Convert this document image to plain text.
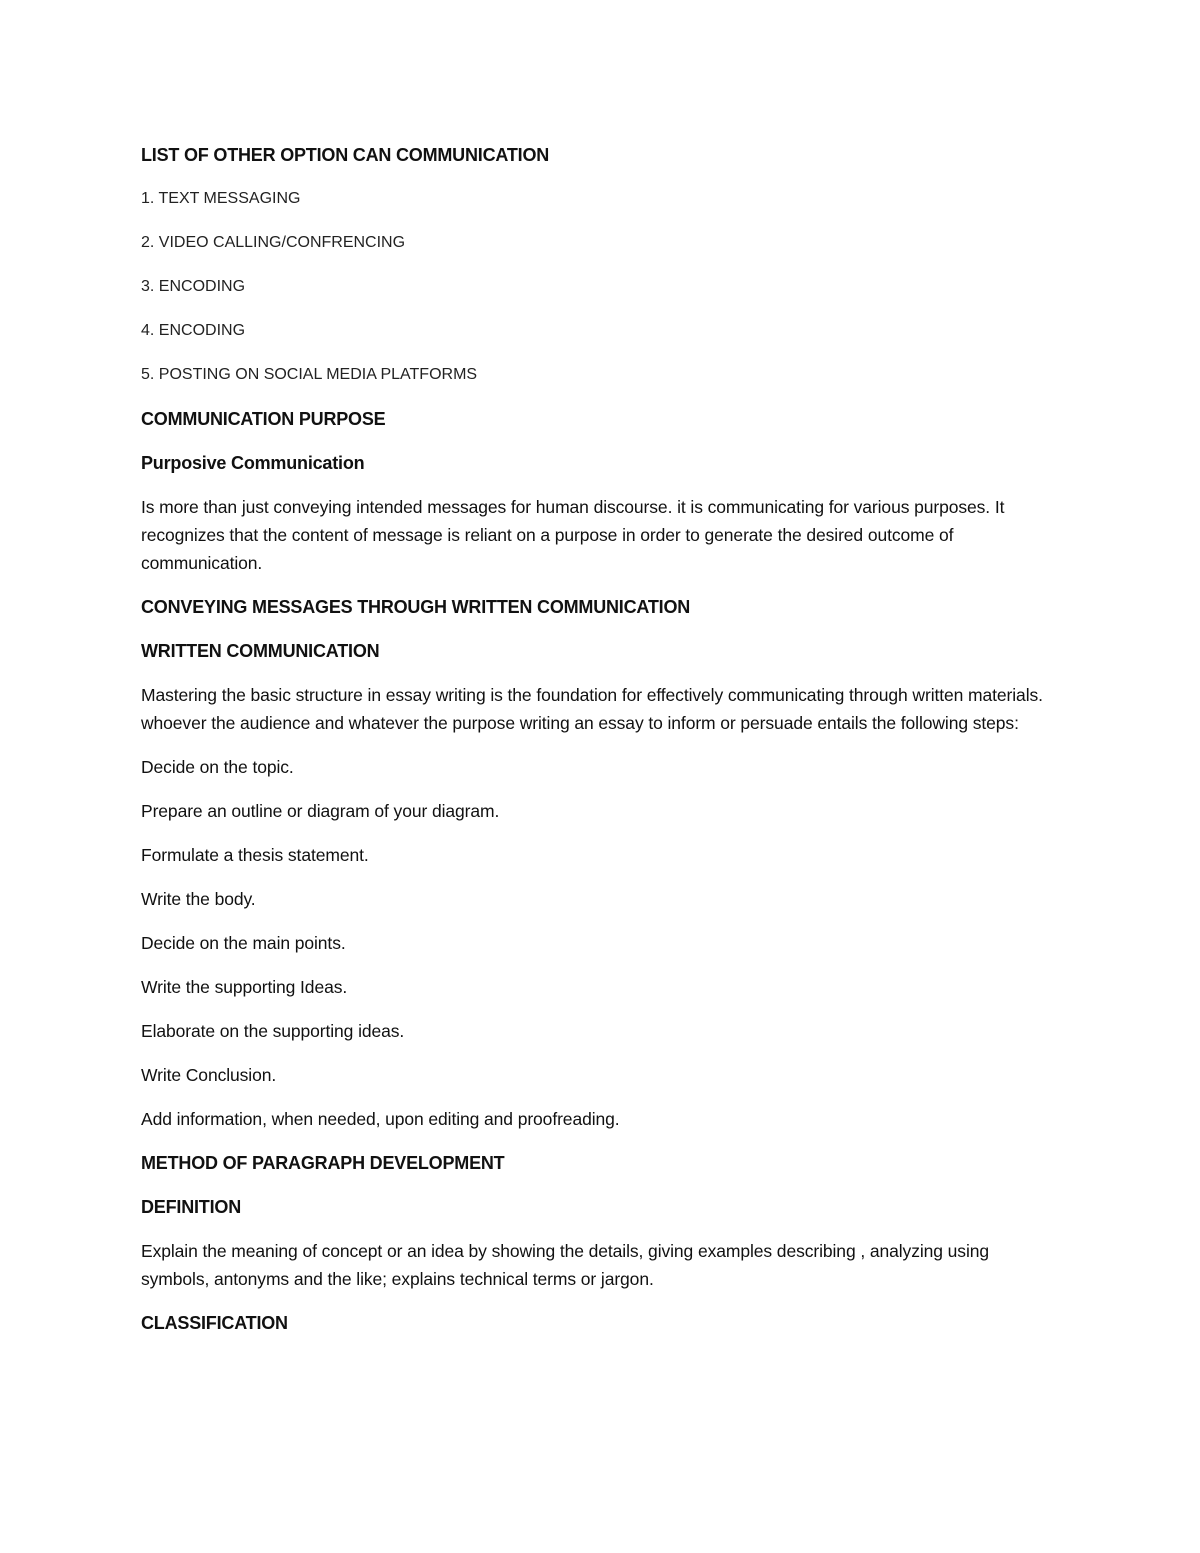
LIST OF OTHER OPTION CAN COMMUNICATION
1. TEXT MESSAGING
2. VIDEO CALLING/CONFRENCING
3. ENCODING
4. ENCODING
5. POSTING ON SOCIAL MEDIA PLATFORMS
COMMUNICATION PURPOSE
Purposive Communication
Is more than just conveying intended messages for human discourse. it is communicating for various purposes. It recognizes that the content of message is reliant on a purpose in order to generate the desired outcome of communication.
CONVEYING MESSAGES THROUGH WRITTEN COMMUNICATION
WRITTEN COMMUNICATION
Mastering the basic structure in essay writing is the foundation for effectively communicating through written materials. whoever the audience and whatever the purpose writing an essay to inform or persuade entails the following steps:
Decide on the topic.
Prepare an outline or diagram of your diagram.
Formulate a thesis statement.
Write the body.
Decide on the main points.
Write the supporting Ideas.
Elaborate on the supporting ideas.
Write Conclusion.
Add information, when needed, upon editing and proofreading.
METHOD OF PARAGRAPH DEVELOPMENT
DEFINITION
Explain the meaning of concept or an idea by showing the details, giving examples describing , analyzing using symbols, antonyms and the like; explains technical terms or jargon.
CLASSIFICATION
